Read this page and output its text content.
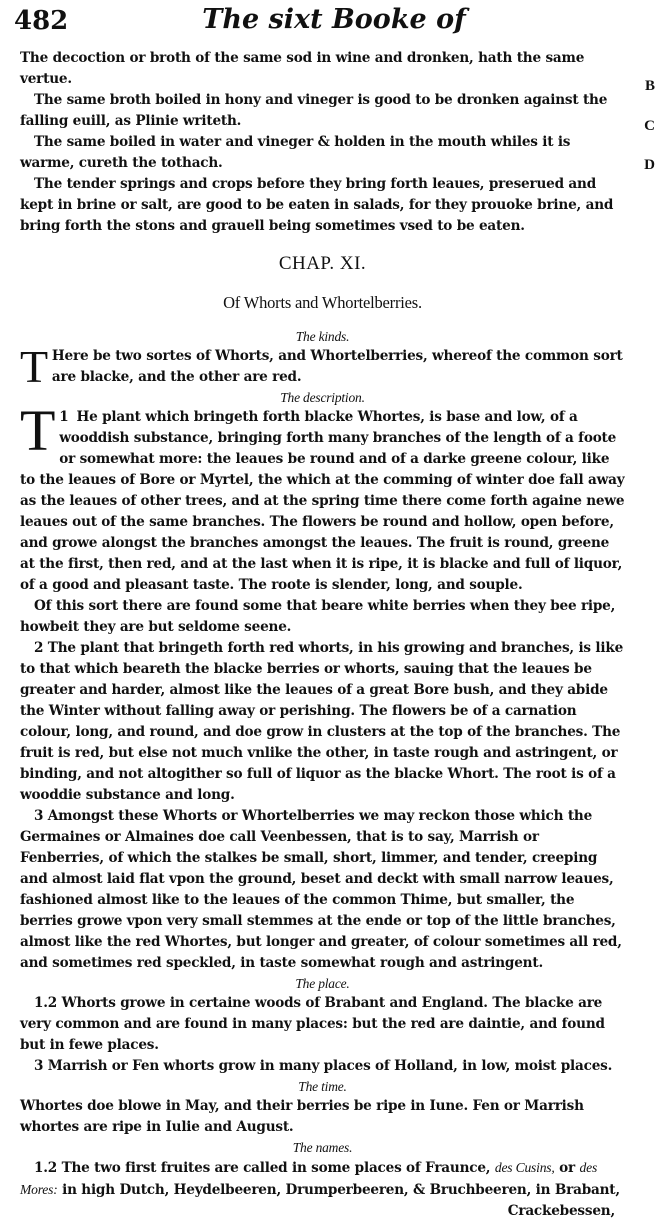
482	The sixt Booke of
B
C
D

The decoction or broth of the same sod in wine and dronken, hath the same vertue.

The same broth boiled in hony and vineger is good to be dronken against the falling euill, as Plinie writeth.

The same boiled in water and vineger & holden in the mouth whiles it is warme, cureth the tothach.

The tender springs and crops before they bring forth leaues, preserued and kept in brine or salt, are good to be eaten in salads, for they prouoke brine, and bring forth the stons and grauell being sometimes vsed to be eaten.

CHAP. XI.
Of Whorts and Whortelberries.
The kinds.

T Here be two sortes of Whorts, and Whortelberries, whereof the common sort are blacke, and the other are red.

The description.

1
T He plant which bringeth forth blacke Whortes, is base and low, of a wooddish substance, bringing forth many branches of the length of a foote or somewhat more: the leaues be round and of a darke greene colour, like to the leaues of Bore or Myrtel, the which at the comming of winter doe fall away as the leaues of other trees, and at the spring time there come forth againe newe leaues out of the same branches. The flowers be round and hollow, open before, and growe alongst the branches amongst the leaues. The fruit is round, greene at the first, then red, and at the last when it is ripe, it is blacke and full of liquor, of a good and pleasant taste. The roote is slender, long, and souple.

Of this sort there are found some that beare white berries when they bee ripe, howbeit they are but seldome seene.

2 The plant that bringeth forth red whorts, in his growing and branches, is like to that which beareth the blacke berries or whorts, sauing that the leaues be greater and harder, almost like the leaues of a great Bore bush, and they abide the Winter without falling away or perishing. The flowers be of a carnation colour, long, and round, and doe grow in clusters at the top of the branches. The fruit is red, but else not much vnlike the other, in taste rough and astringent, or binding, and not altogither so full of liquor as the blacke Whort. The root is of a wooddie substance and long.

3 Amongst these Whorts or Whortelberries we may reckon those which the Germaines or Almaines doe call Veenbessen, that is to say, Marrish or Fenberries, of which the stalkes be small, short, limmer, and tender, creeping and almost laid flat vpon the ground, beset and deckt with small narrow leaues, fashioned almost like to the leaues of the common Thime, but smaller, the berries growe vpon very small stemmes at the ende or top of the little branches, almost like the red Whortes, but longer and greater, of colour sometimes all red, and sometimes red speckled, in taste somewhat rough and astringent.

The place.

1.2 Whorts growe in certaine woods of Brabant and England. The blacke are very common and are found in many places: but the red are daintie, and found but in fewe places.

3 Marrish or Fen whorts grow in many places of Holland, in low, moist places.

The time.

Whortes doe blowe in May, and their berries be ripe in Iune. Fen or Marrish whortes are ripe in Iulie and August.

The names.

1.2 The two first fruites are called in some places of Fraunce, des Cusins, or des Mores: in high Dutch, Heydelbeeren, Drumperbeeren, & Bruchbeeren, in Brabant,

Crackebessen,
